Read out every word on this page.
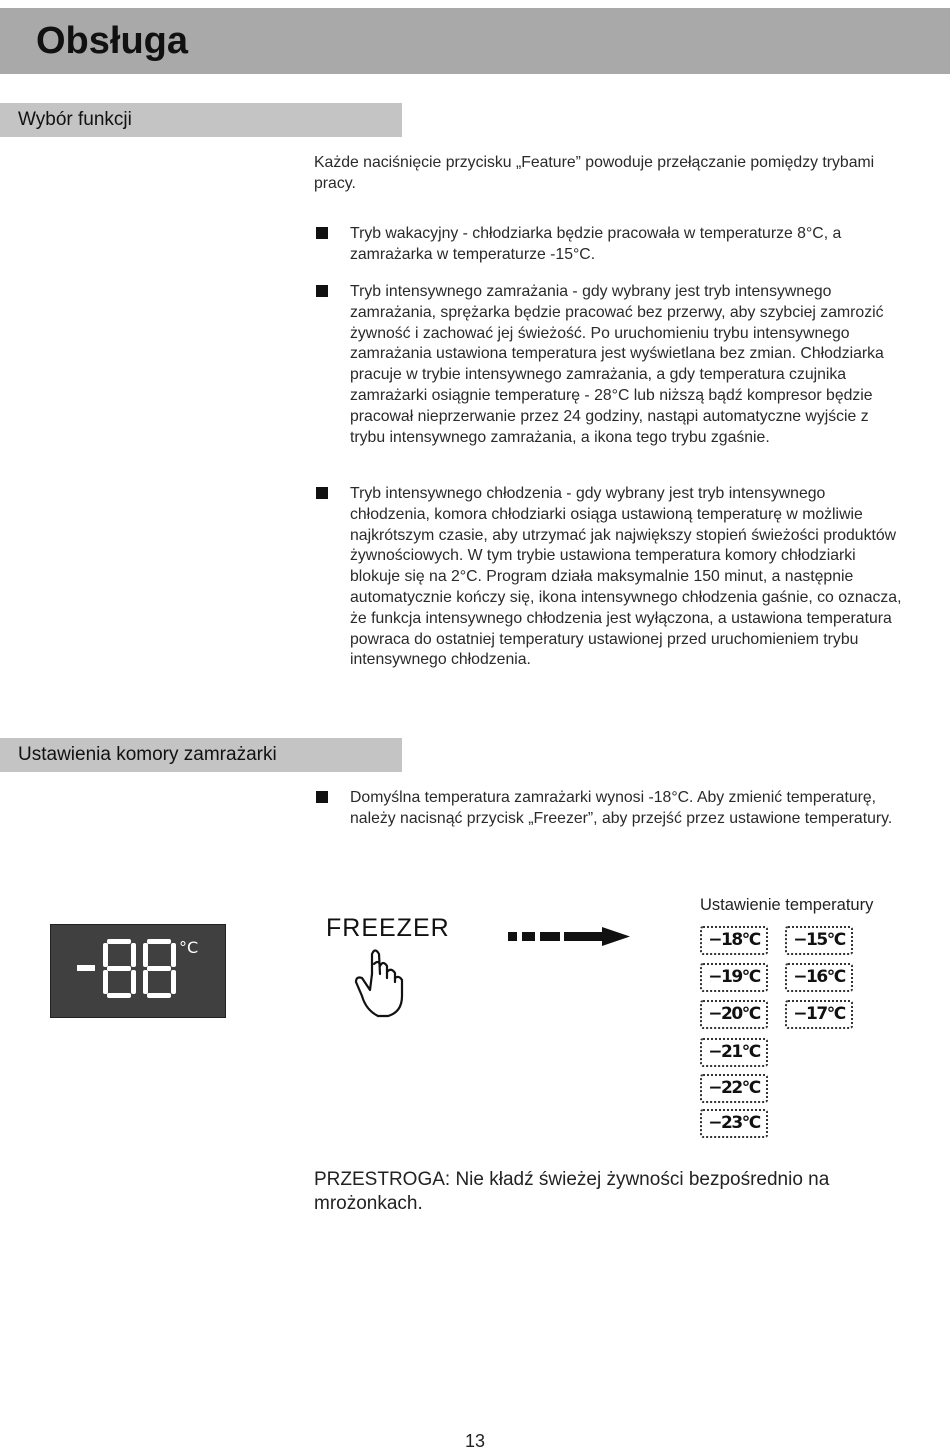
Obsługa
Wybór funkcji
Każde naciśnięcie przycisku „Feature” powoduje przełączanie pomiędzy trybami pracy.
Tryb wakacyjny - chłodziarka będzie pracowała w temperaturze 8°C, a zamrażarka w temperaturze -15°C.
Tryb intensywnego zamrażania - gdy wybrany jest tryb intensywnego zamrażania, sprężarka będzie pracować bez przerwy, aby szybciej zamrozić żywność i zachować jej świeżość. Po uruchomieniu trybu intensywnego zamrażania ustawiona temperatura jest wyświetlana bez zmian. Chłodziarka pracuje w trybie intensywnego zamrażania, a gdy temperatura czujnika zamrażarki osiągnie temperaturę - 28°C lub niższą bądź kompresor będzie pracował nieprzerwanie przez 24 godziny, nastąpi automatyczne wyjście z trybu intensywnego zamrażania, a ikona tego trybu zgaśnie.
Tryb intensywnego chłodzenia - gdy wybrany jest tryb intensywnego chłodzenia, komora chłodziarki osiąga ustawioną temperaturę w możliwie najkrótszym czasie, aby utrzymać jak największy stopień świeżości produktów żywnościowych. W tym trybie ustawiona temperatura komory chłodziarki blokuje się na 2°C. Program działa maksymalnie 150 minut, a następnie automatycznie kończy się, ikona intensywnego chłodzenia gaśnie, co oznacza, że funkcja intensywnego chłodzenia jest wyłączona, a ustawiona temperatura powraca do ostatniej temperatury ustawionej przed uruchomieniem trybu intensywnego chłodzenia.
Ustawienia komory zamrażarki
Domyślna temperatura zamrażarki wynosi -18°C. Aby zmienić temperaturę, należy nacisnąć przycisk „Freezer”, aby przejść przez ustawione temperatury.
°C
FREEZER
Ustawienie temperatury
−18°C
−19°C
−20°C
−21°C
−22°C
−23°C
−15°C
−16°C
−17°C
PRZESTROGA: Nie kładź świeżej żywności bezpośrednio na mrożonkach.
13
